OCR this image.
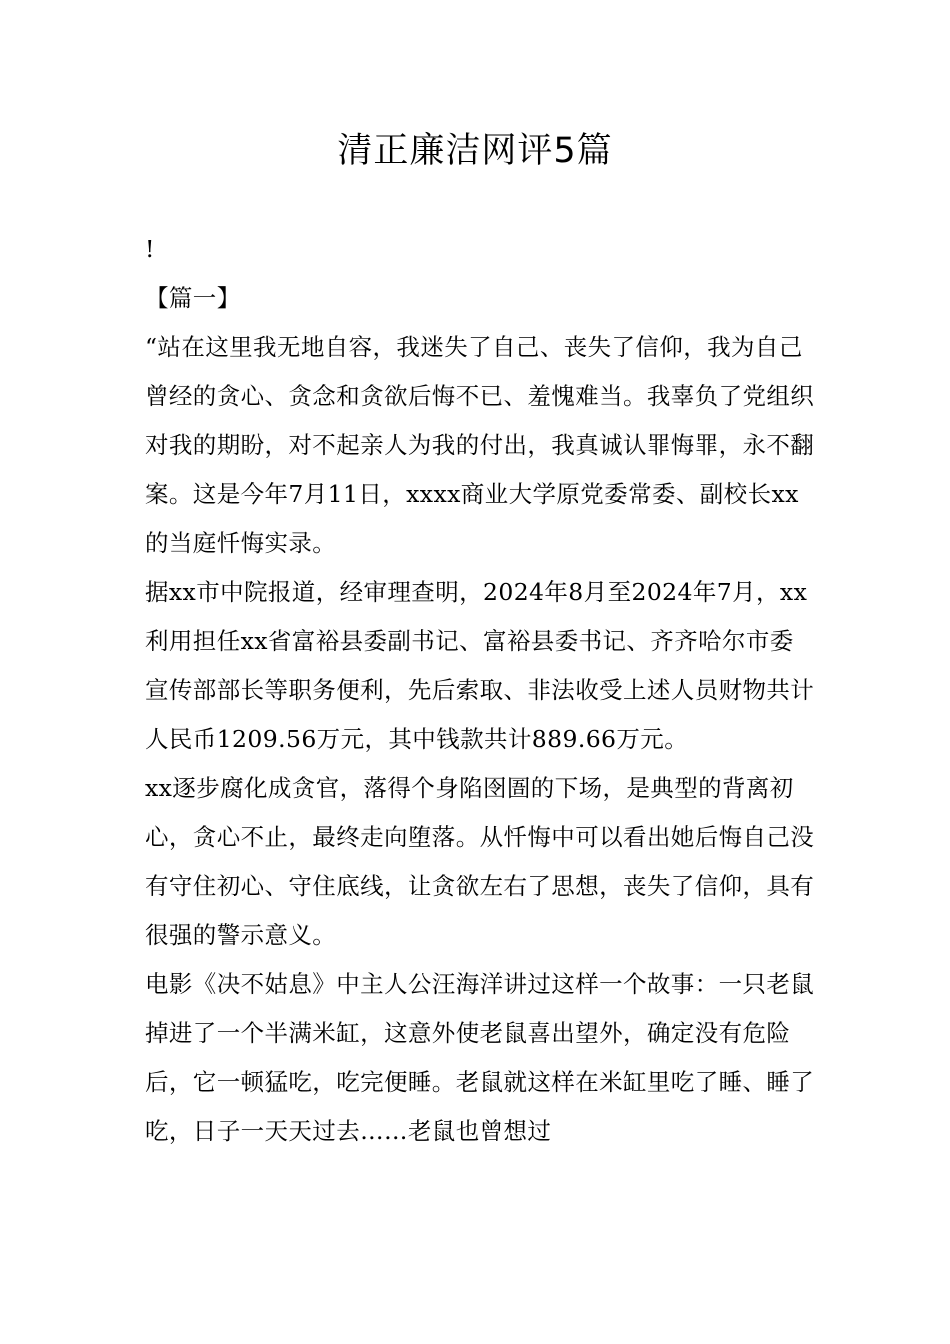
清正廉洁网评5篇

!

【篇一】

“站在这里我无地自容，我迷失了自己、丧失了信仰，我为自己曾经的贪心、贪念和贪欲后悔不已、羞愧难当。我辜负了党组织对我的期盼，对不起亲人为我的付出，我真诚认罪悔罪，永不翻案。这是今年7月11日，xxxx商业大学原党委常委、副校长xx的当庭忏悔实录。

据xx市中院报道，经审理查明，2024年8月至2024年7月，xx利用担任xx省富裕县委副书记、富裕县委书记、齐齐哈尔市委宣传部部长等职务便利，先后索取、非法收受上述人员财物共计人民币1209.56万元，其中钱款共计889.66万元。

xx逐步腐化成贪官，落得个身陷囹圄的下场，是典型的背离初心，贪心不止，最终走向堕落。从忏悔中可以看出她后悔自己没有守住初心、守住底线，让贪欲左右了思想，丧失了信仰，具有很强的警示意义。

电影《决不姑息》中主人公汪海洋讲过这样一个故事：一只老鼠掉进了一个半满米缸，这意外使老鼠喜出望外，确定没有危险后，它一顿猛吃，吃完便睡。老鼠就这样在米缸里吃了睡、睡了吃，日子一天天过去……老鼠也曾想过
